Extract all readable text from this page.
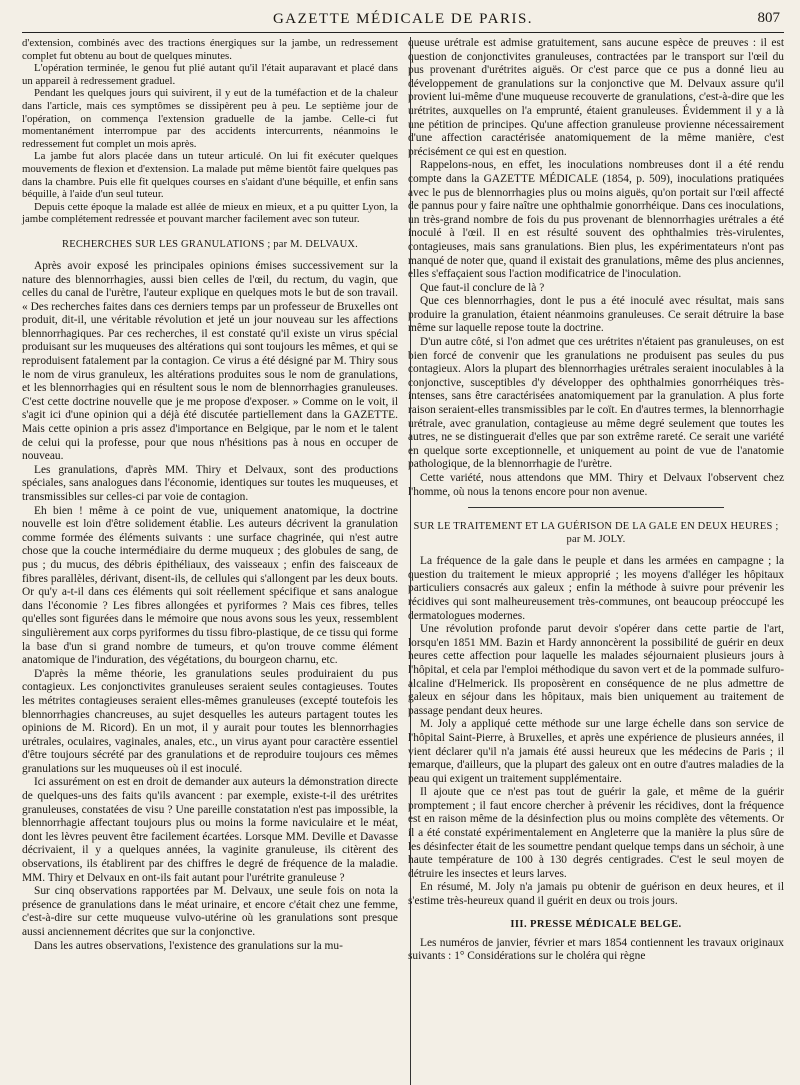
GAZETTE MÉDICALE DE PARIS.	807

d'extension, combinés avec des tractions énergiques sur la jambe, un redressement complet fut obtenu au bout de quelques minutes.

L'opération terminée, le genou fut plié autant qu'il l'était auparavant et placé dans un appareil à redressement graduel.

Pendant les quelques jours qui suivirent, il y eut de la tuméfaction et de la chaleur dans l'article, mais ces symptômes se dissipèrent peu à peu. Le septième jour de l'opération, on commença l'extension graduelle de la jambe. Celle-ci fut momentanément interrompue par des accidents intercurrents, néanmoins le redressement fut complet un mois après.

La jambe fut alors placée dans un tuteur articulé. On lui fit exécuter quelques mouvements de flexion et d'extension. La malade put même bientôt faire quelques pas dans la chambre. Puis elle fit quelques courses en s'aidant d'une béquille, et enfin sans béquille, à l'aide d'un seul tuteur.

Depuis cette époque la malade est allée de mieux en mieux, et a pu quitter Lyon, la jambe complétement redressée et pouvant marcher facilement avec son tuteur.

RECHERCHES SUR LES GRANULATIONS ; par M. DELVAUX.

Après avoir exposé les principales opinions émises successivement sur la nature des blennorrhagies, aussi bien celles de l'œil, du rectum, du vagin, que celles du canal de l'urètre, l'auteur explique en quelques mots le but de son travail. « Des recherches faites dans ces derniers temps par un professeur de Bruxelles ont produit, dit-il, une véritable révolution et jeté un jour nouveau sur les affections blennorrhagiques. Par ces recherches, il est constaté qu'il existe un virus spécial produisant sur les muqueuses des altérations qui sont toujours les mêmes, et qui se reproduisent fatalement par la contagion. Ce virus a été désigné par M. Thiry sous le nom de virus granuleux, les altérations produites sous le nom de granulations, et les blennorrhagies qui en résultent sous le nom de blennorrhagies granuleuses. C'est cette doctrine nouvelle que je me propose d'exposer. » Comme on le voit, il s'agit ici d'une opinion qui a déjà été discutée partiellement dans la GAZETTE. Mais cette opinion a pris assez d'importance en Belgique, par le nom et le talent de celui qui la professe, pour que nous n'hésitions pas à nous en occuper de nouveau.

Les granulations, d'après MM. Thiry et Delvaux, sont des productions spéciales, sans analogues dans l'économie, identiques sur toutes les muqueuses, et transmissibles sur celles-ci par voie de contagion.

Eh bien ! même à ce point de vue, uniquement anatomique, la doctrine nouvelle est loin d'être solidement établie. Les auteurs décrivent la granulation comme formée des éléments suivants : une surface chagrinée, qui n'est autre chose que la couche intermédiaire du derme muqueux ; des globules de sang, de pus ; du mucus, des débris épithéliaux, des vaisseaux ; enfin des faisceaux de fibres parallèles, dérivant, disent-ils, de cellules qui s'allongent par les deux bouts. Or qu'y a-t-il dans ces éléments qui soit réellement spécifique et sans analogue dans l'économie ? Les fibres allongées et pyriformes ? Mais ces fibres, telles qu'elles sont figurées dans le mémoire que nous avons sous les yeux, ressemblent singulièrement aux corps pyriformes du tissu fibro-plastique, de ce tissu qui forme la base d'un si grand nombre de tumeurs, et qu'on trouve comme élément anatomique de l'induration, des végétations, du bourgeon charnu, etc.

D'après la même théorie, les granulations seules produiraient du pus contagieux. Les conjonctivites granuleuses seraient seules contagieuses. Toutes les métrites contagieuses seraient elles-mêmes granuleuses (excepté toutefois les blennorrhagies chancreuses, au sujet desquelles les auteurs partagent toutes les opinions de M. Ricord). En un mot, il y aurait pour toutes les blennorrhagies urétrales, oculaires, vaginales, anales, etc., un virus ayant pour caractère essentiel d'être toujours sécrété par des granulations et de reproduire toujours ces mêmes granulations sur les muqueuses où il est inoculé.

Ici assurément on est en droit de demander aux auteurs la démonstration directe de quelques-uns des faits qu'ils avancent : par exemple, existe-t-il des urétrites granuleuses, constatées de visu ? Une pareille constatation n'est pas impossible, la blennorrhagie affectant toujours plus ou moins la forme naviculaire et le méat, dont les lèvres peuvent être facilement écartées. Lorsque MM. Deville et Davasse décrivaient, il y a quelques années, la vaginite granuleuse, ils citèrent des observations, ils établirent par des chiffres le degré de fréquence de la maladie. MM. Thiry et Delvaux en ont-ils fait autant pour l'urétrite granuleuse ?

Sur cinq observations rapportées par M. Delvaux, une seule fois on nota la présence de granulations dans le méat urinaire, et encore c'était chez une femme, c'est-à-dire sur cette muqueuse vulvo-utérine où les granulations sont presque aussi anciennement décrites que sur la conjonctive.

Dans les autres observations, l'existence des granulations sur la mu-

queuse urétrale est admise gratuitement, sans aucune espèce de preuves : il est question de conjonctivites granuleuses, contractées par le transport sur l'œil du pus provenant d'urétrites aiguës. Or c'est parce que ce pus a donné lieu au développement de granulations sur la conjonctive que M. Delvaux assure qu'il provient lui-même d'une muqueuse recouverte de granulations, c'est-à-dire que les urétrites, auxquelles on l'a emprunté, étaient granuleuses. Évidemment il y a là une pétition de principes. Qu'une affection granuleuse provienne nécessairement d'une affection caractérisée anatomiquement de la même manière, c'est précisément ce qui est en question.

Rappelons-nous, en effet, les inoculations nombreuses dont il a été rendu compte dans la GAZETTE MÉDICALE (1854, p. 509), inoculations pratiquées avec le pus de blennorrhagies plus ou moins aiguës, qu'on portait sur l'œil affecté de pannus pour y faire naître une ophthalmie gonorrhéique. Dans ces inoculations, un très-grand nombre de fois du pus provenant de blennorrhagies urétrales a été inoculé à l'œil. Il en est résulté souvent des ophthalmies très-virulentes, contagieuses, mais sans granulations. Bien plus, les expérimentateurs n'ont pas manqué de noter que, quand il existait des granulations, même des plus anciennes, elles s'effaçaient sous l'action modificatrice de l'inoculation.

Que faut-il conclure de là ?

Que ces blennorrhagies, dont le pus a été inoculé avec résultat, mais sans produire la granulation, étaient néanmoins granuleuses. Ce serait détruire la base même sur laquelle repose toute la doctrine.

D'un autre côté, si l'on admet que ces urétrites n'étaient pas granuleuses, on est bien forcé de convenir que les granulations ne produisent pas seules du pus contagieux. Alors la plupart des blennorrhagies urétrales seraient inoculables à la conjonctive, susceptibles d'y développer des ophthalmies gonorrhéiques très-intenses, sans être caractérisées anatomiquement par la granulation. A plus forte raison seraient-elles transmissibles par le coït. En d'autres termes, la blennorrhagie urétrale, avec granulation, contagieuse au même degré seulement que toutes les autres, ne se distinguerait d'elles que par son extrême rareté. Ce serait une variété en quelque sorte exceptionnelle, et uniquement au point de vue de l'anatomie pathologique, de la blennorrhagie de l'urètre.

Cette variété, nous attendons que MM. Thiry et Delvaux l'observent chez l'homme, où nous la tenons encore pour non avenue.

SUR LE TRAITEMENT ET LA GUÉRISON DE LA GALE EN DEUX HEURES ;
par M. JOLY.

La fréquence de la gale dans le peuple et dans les armées en campagne ; la question du traitement le mieux approprié ; les moyens d'alléger les hôpitaux particuliers consacrés aux galeux ; enfin la méthode à suivre pour prévenir les récidives qui sont malheureusement très-communes, ont beaucoup préoccupé les dermatologues modernes.

Une révolution profonde parut devoir s'opérer dans cette partie de l'art, lorsqu'en 1851 MM. Bazin et Hardy annoncèrent la possibilité de guérir en deux heures cette affection pour laquelle les malades séjournaient plusieurs jours à l'hôpital, et cela par l'emploi méthodique du savon vert et de la pommade sulfuro-alcaline d'Helmerick. Ils proposèrent en conséquence de ne plus admettre de galeux en séjour dans les hôpitaux, mais bien uniquement au traitement de passage pendant deux heures.

M. Joly a appliqué cette méthode sur une large échelle dans son service de l'hôpital Saint-Pierre, à Bruxelles, et après une expérience de plusieurs années, il vient déclarer qu'il n'a jamais été aussi heureux que les médecins de Paris ; il remarque, d'ailleurs, que la plupart des galeux ont en outre d'autres maladies de la peau qui exigent un traitement supplémentaire.

Il ajoute que ce n'est pas tout de guérir la gale, et même de la guérir promptement ; il faut encore chercher à prévenir les récidives, dont la fréquence est en raison même de la désinfection plus ou moins complète des vêtements. Or il a été constaté expérimentalement en Angleterre que la manière la plus sûre de les désinfecter était de les soumettre pendant quelque temps dans un séchoir, à une haute température de 100 à 130 degrés centigrades. C'est le seul moyen de détruire les insectes et leurs larves.

En résumé, M. Joly n'a jamais pu obtenir de guérison en deux heures, et il s'estime très-heureux quand il guérit en deux ou trois jours.

III. PRESSE MÉDICALE BELGE.

Les numéros de janvier, février et mars 1854 contiennent les travaux originaux suivants : 1° Considérations sur le choléra qui règne
